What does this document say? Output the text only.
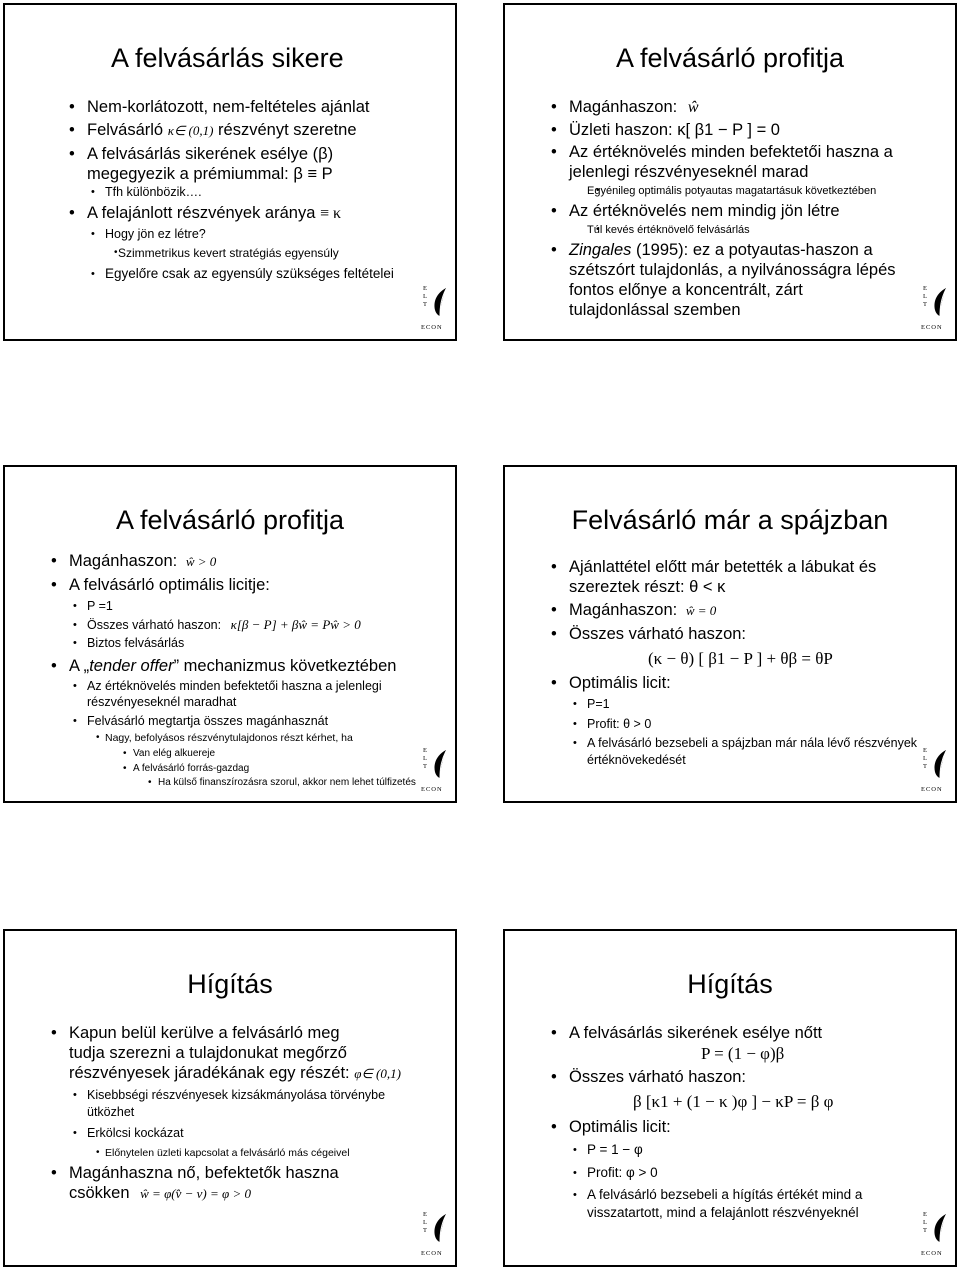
A felvásárlás sikere
• Nem-korlátozott, nem-feltételes ajánlat
• Felvásárló κ∈ (0,1) részvényt szeretne
• A felvásárlás sikerének esélye (β)
megegyezik a prémiummal: β ≡ P
• Tfh különbözik….
• A felajánlott részvények aránya ≡ κ
• Hogy jön ez létre?
• Szimmetrikus kevert stratégiás egyensúly
• Egyelőre csak az egyensúly szükséges feltételei
E
L
T
ECON
A felvásárló profitja
• Magánhaszon: ŵ
• Üzleti haszon: κ[ β1 − P ] = 0
• Az értéknövelés minden befektetői haszna a
jelenlegi részvényeseknél marad
• Egyénileg optimális potyautas magatartásuk következtében
• Az értéknövelés nem mindig jön létre
• Túl kevés értéknövelő felvásárlás
• Zingales (1995): ez a potyautas-haszon a
szétszórt tulajdonlás, a nyilvánosságra lépés
fontos előnye a koncentrált, zárt
tulajdonlással szemben
E
L
T
ECON
A felvásárló profitja
• Magánhaszon: ŵ > 0
• A felvásárló optimális licitje:
• P =1
• Összes várható haszon: κ[β − P] + βŵ = Pŵ > 0
• Biztos felvásárlás
• A „tender offer” mechanizmus következtében
• Az értéknövelés minden befektetői haszna a jelenlegi
részvényeseknél maradhat
• Felvásárló megtartja összes magánhasznát
• Nagy, befolyásos részvénytulajdonos részt kérhet, ha
• Van elég alkuereje
• A felvásárló forrás-gazdag
• Ha külső finanszírozásra szorul, akkor nem lehet túlfizetés
E
L
T
ECON
Felvásárló már a spájzban
• Ajánlattétel előtt már betették a lábukat és
szereztek részt: θ < κ
• Magánhaszon: ŵ = 0
• Összes várható haszon:
(κ − θ) [ β1 − P ] + θβ = θP
• Optimális licit:
• P=1
• Profit: θ > 0
• A felvásárló bezsebeli a spájzban már nála lévő részvények
értéknövekedését
E
L
T
ECON
Hígítás
• Kapun belül kerülve a felvásárló meg
tudja szerezni a tulajdonukat megőrző
részvényesek járadékának egy részét: φ∈ (0,1)
• Kisebbségi részvényesek kizsákmányolása törvénybe
ütközhet
• Erkölcsi kockázat
• Előnytelen üzleti kapcsolat a felvásárló más cégeivel
• Magánhaszna nő, befektetők haszna
csökken ŵ = φ(v̂ − v) = φ > 0
E
L
T
ECON
Hígítás
• A felvásárlás sikerének esélye nőtt
P = (1 − φ)β
• Összes várható haszon:
β [κ1 + (1 − κ )φ ] − κP = β φ
• Optimális licit:
• P = 1 − φ
• Profit: φ > 0
• A felvásárló bezsebeli a hígítás értékét mind a
visszatartott, mind a felajánlott részvényeknél	E
L
T
ECON
